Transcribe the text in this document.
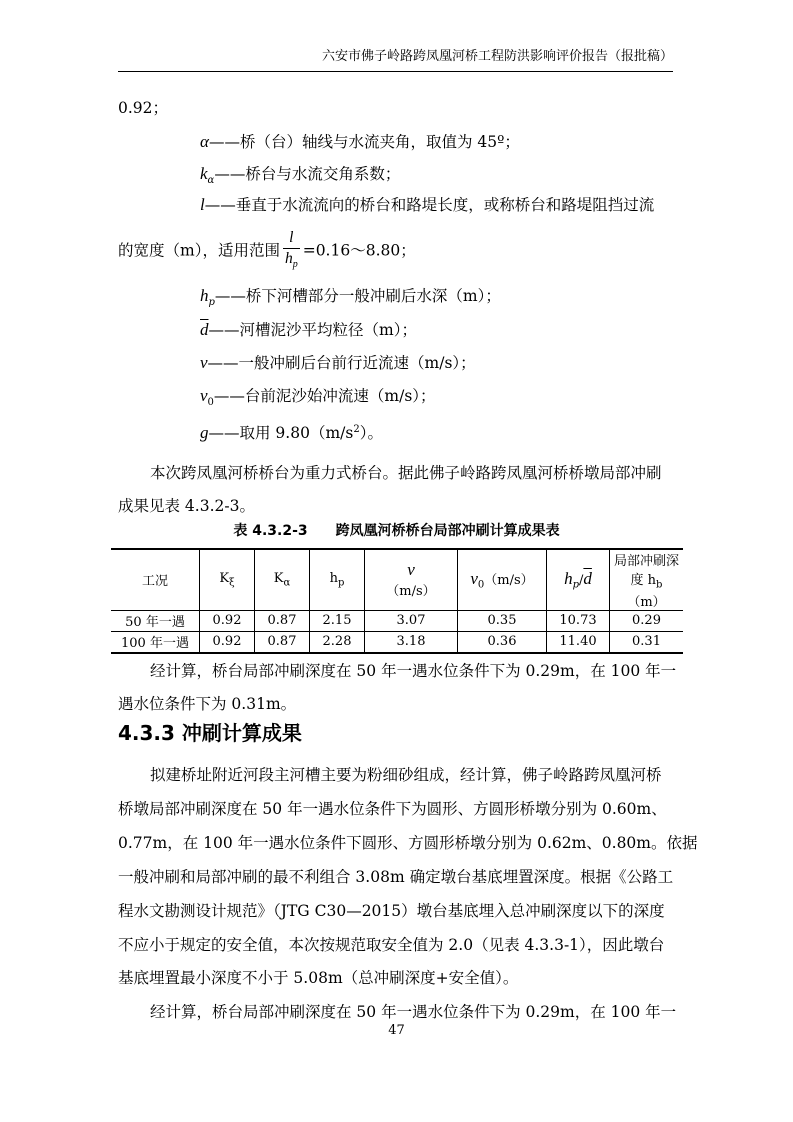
六安市佛子岭路跨凤凰河桥工程防洪影响评价报告（报批稿）
0.92；
α——桥（台）轴线与水流夹角，取值为 45º；
$k_\alpha——$桥台与水流交角系数；
l——垂直于水流流向的桥台和路堤长度，或称桥台和路堤阻挡过流
的宽度（m），适用范围 $\frac{l}{h_p}$ =0.16～8.80；
$h_p——$桥下河槽部分一般冲刷后水深（m）；
$\overline{d}——$河槽泥沙平均粒径（m）；
v——一般冲刷后台前行近流速（m/s）；
$v_0——$台前泥沙始冲流速（m/s）；
g——取用 $9.80(m/s^2)$。
本次跨凤凰河桥桥台为重力式桥台。据此佛子岭路跨凤凰河桥桥墩局部冲刷
成果见表 4.3.2-3。
表 4.3.2-3　　跨凤凰河桥桥台局部冲刷计算成果表
工况	$K_\xi$	$K_\alpha$	$h_p$	v
（m/s）	$v_0(m/s)$	$h_p/\overline{d}$	局部冲刷深度 $h_b$
（m）
50 年一遇	0.92	0.87	2.15	3.07	0.35	10.73	0.29
100 年一遇	0.92	0.87	2.28	3.18	0.36	11.40	0.31
经计算，桥台局部冲刷深度在 50 年一遇水位条件下为 0.29m，在 100 年一
遇水位条件下为 0.31m。
4.3.3 冲刷计算成果
拟建桥址附近河段主河槽主要为粉细砂组成，经计算，佛子岭路跨凤凰河桥
桥墩局部冲刷深度在 50 年一遇水位条件下为圆形、方圆形桥墩分别为 0.60m、
0.77m，在 100 年一遇水位条件下圆形、方圆形桥墩分别为 0.62m、0.80m。依据
一般冲刷和局部冲刷的最不利组合 3.08m 确定墩台基底埋置深度。根据《公路工
程水文勘测设计规范》（JTG C30—2015）墩台基底埋入总冲刷深度以下的深度
不应小于规定的安全值，本次按规范取安全值为 2.0（见表 4.3.3-1），因此墩台
基底埋置最小深度不小于 5.08m（总冲刷深度+安全值）。
经计算，桥台局部冲刷深度在 50 年一遇水位条件下为 0.29m，在 100 年一
47
